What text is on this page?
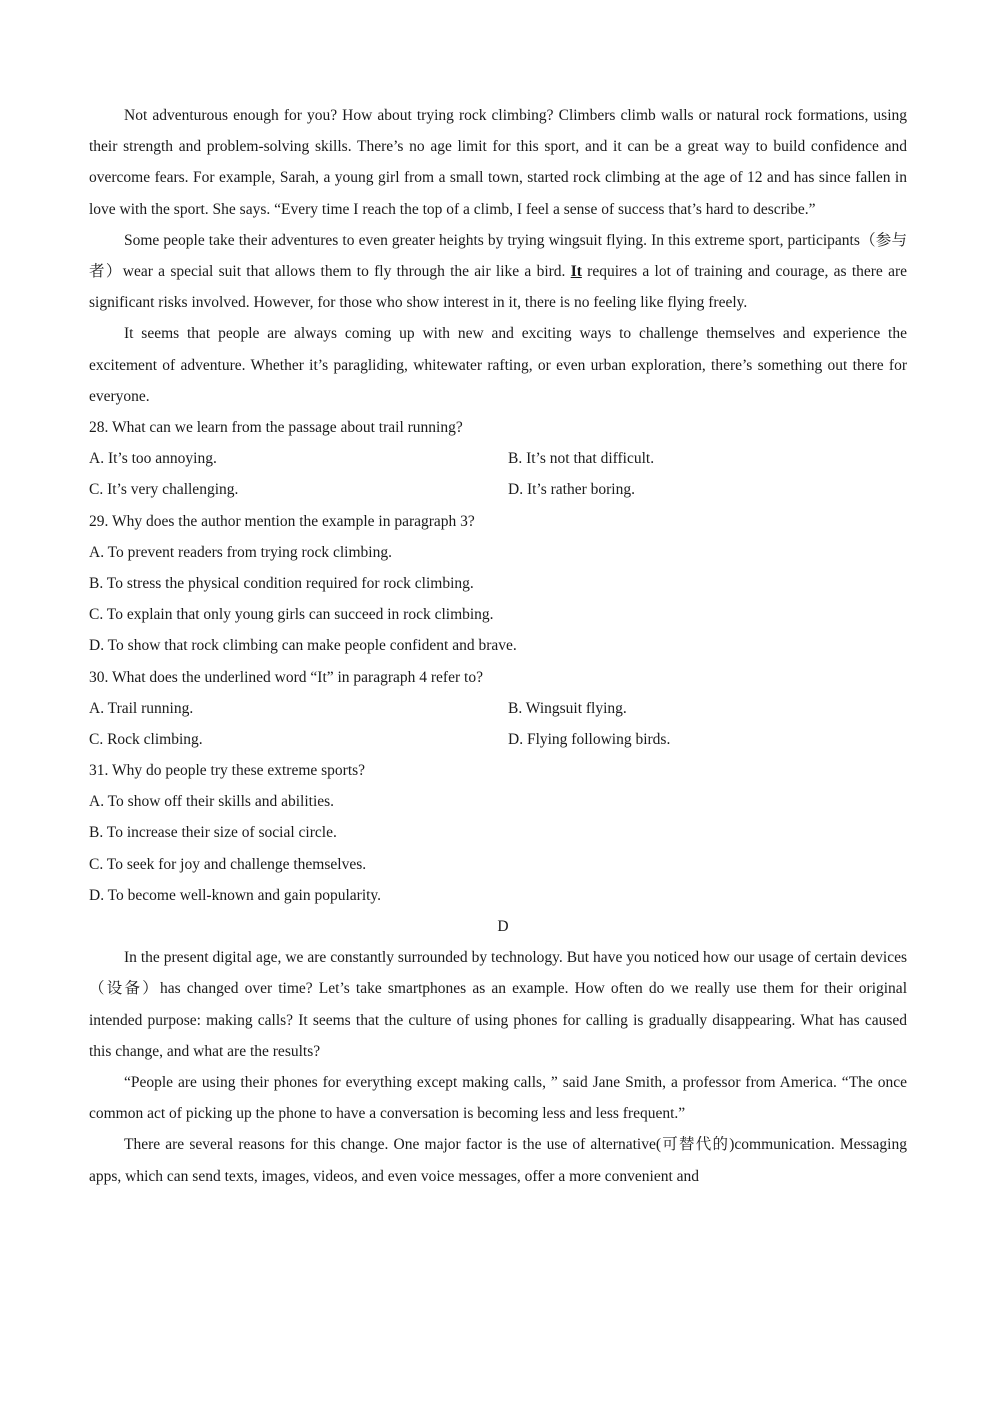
Not adventurous enough for you? How about trying rock climbing? Climbers climb walls or natural rock formations, using their strength and problem-solving skills. There’s no age limit for this sport, and it can be a great way to build confidence and overcome fears. For example, Sarah, a young girl from a small town, started rock climbing at the age of 12 and has since fallen in love with the sport. She says. “Every time I reach the top of a climb, I feel a sense of success that’s hard to describe.”

Some people take their adventures to even greater heights by trying wingsuit flying. In this extreme sport, participants（参与者）wear a special suit that allows them to fly through the air like a bird. It requires a lot of training and courage, as there are significant risks involved. However, for those who show interest in it, there is no feeling like flying freely.

It seems that people are always coming up with new and exciting ways to challenge themselves and experience the excitement of adventure. Whether it’s paragliding, whitewater rafting, or even urban exploration, there’s something out there for everyone.

28. What can we learn from the passage about trail running?
A. It’s too annoying.	B. It’s not that difficult.
C. It’s very challenging.	D. It’s rather boring.
29. Why does the author mention the example in paragraph 3?
A. To prevent readers from trying rock climbing.
B. To stress the physical condition required for rock climbing.
C. To explain that only young girls can succeed in rock climbing.
D. To show that rock climbing can make people confident and brave.
30. What does the underlined word “It” in paragraph 4 refer to?
A. Trail running.	B. Wingsuit flying.
C. Rock climbing.	D. Flying following birds.
31. Why do people try these extreme sports?
A. To show off their skills and abilities.
B. To increase their size of social circle.
C. To seek for joy and challenge themselves.
D. To become well-known and gain popularity.
D

In the present digital age, we are constantly surrounded by technology. But have you noticed how our usage of certain devices（设备）has changed over time? Let’s take smartphones as an example. How often do we really use them for their original intended purpose: making calls? It seems that the culture of using phones for calling is gradually disappearing. What has caused this change, and what are the results?

“People are using their phones for everything except making calls, ” said Jane Smith, a professor from America. “The once common act of picking up the phone to have a conversation is becoming less and less frequent.”

There are several reasons for this change. One major factor is the use of alternative(可替代的)communication. Messaging apps, which can send texts, images, videos, and even voice messages, offer a more convenient and
